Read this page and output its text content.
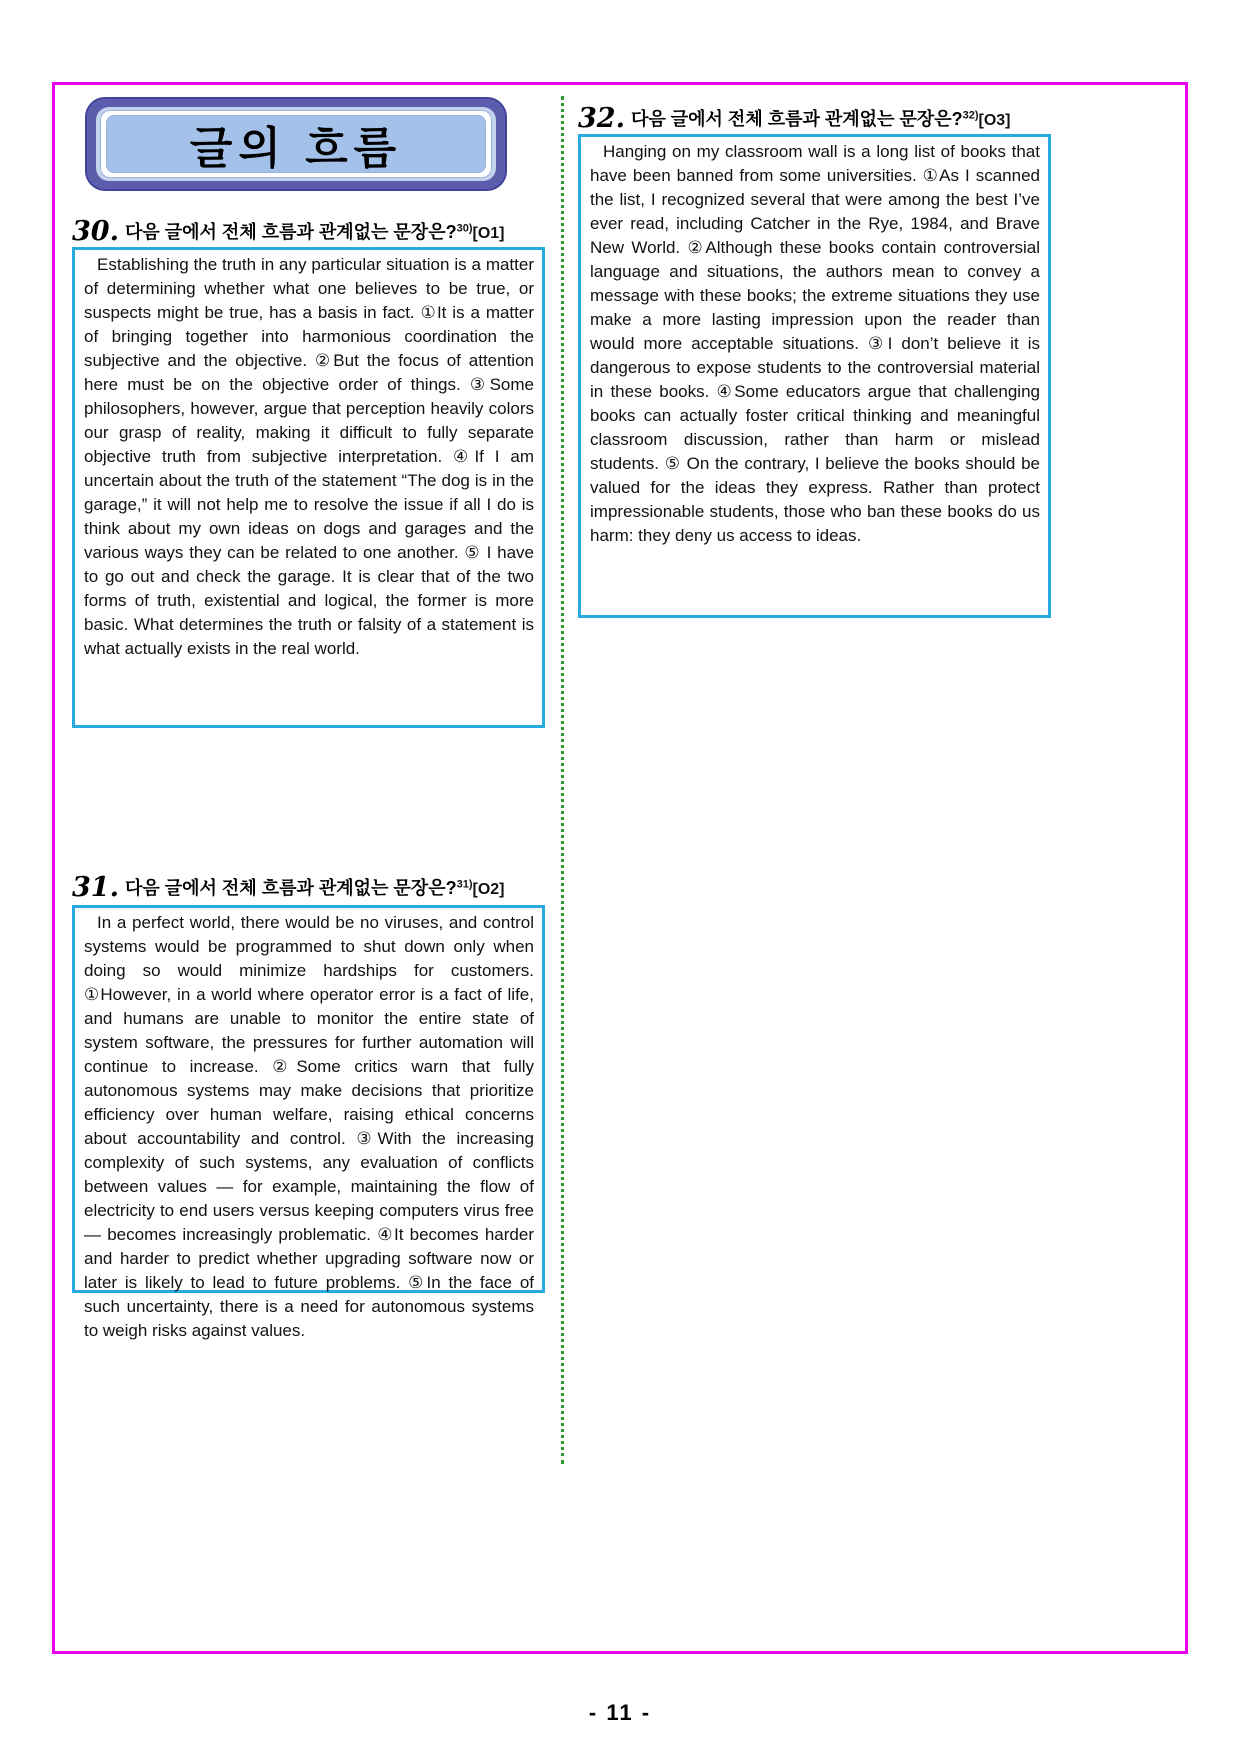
글의 흐름
30. 다음 글에서 전체 흐름과 관계없는 문장은?$^{30)}$[O1]

Establishing the truth in any particular situation is a matter of determining whether what one believes to be true, or suspects might be true, has a basis in fact. ①It is a matter of bringing together into harmonious coordination the subjective and the objective. ②But the focus of attention here must be on the objective order of things. ③Some philosophers, however, argue that perception heavily colors our grasp of reality, making it difficult to fully separate objective truth from subjective interpretation. ④If I am uncertain about the truth of the statement “The dog is in the garage,” it will not help me to resolve the issue if all I do is think about my own ideas on dogs and garages and the various ways they can be related to one another. ⑤ I have to go out and check the garage. It is clear that of the two forms of truth, existential and logical, the former is more basic. What determines the truth or falsity of a statement is what actually exists in the real world.

31. 다음 글에서 전체 흐름과 관계없는 문장은?$^{31)}$[O2]

In a perfect world, there would be no viruses, and control systems would be programmed to shut down only when doing so would minimize hardships for customers. ①However, in a world where operator error is a fact of life, and humans are unable to monitor the entire state of system software, the pressures for further automation will continue to increase. ②Some critics warn that fully autonomous systems may make decisions that prioritize efficiency over human welfare, raising ethical concerns about accountability and control. ③With the increasing complexity of such systems, any evaluation of conflicts between values — for example, maintaining the flow of electricity to end users versus keeping computers virus free — becomes increasingly problematic. ④It becomes harder and harder to predict whether upgrading software now or later is likely to lead to future problems. ⑤In the face of such uncertainty, there is a need for autonomous systems to weigh risks against values.

32. 다음 글에서 전체 흐름과 관계없는 문장은?$^{32)}$[O3]

Hanging on my classroom wall is a long list of books that have been banned from some universities. ①As I scanned the list, I recognized several that were among the best I’ve ever read, including Catcher in the Rye, 1984, and Brave New World. ②Although these books contain controversial language and situations, the authors mean to convey a message with these books; the extreme situations they use make a more lasting impression upon the reader than would more acceptable situations. ③I don’t believe it is dangerous to expose students to the controversial material in these books. ④Some educators argue that challenging books can actually foster critical thinking and meaningful classroom discussion, rather than harm or mislead students. ⑤ On the contrary, I believe the books should be valued for the ideas they express. Rather than protect impressionable students, those who ban these books do us harm: they deny us access to ideas.

- 11 -
